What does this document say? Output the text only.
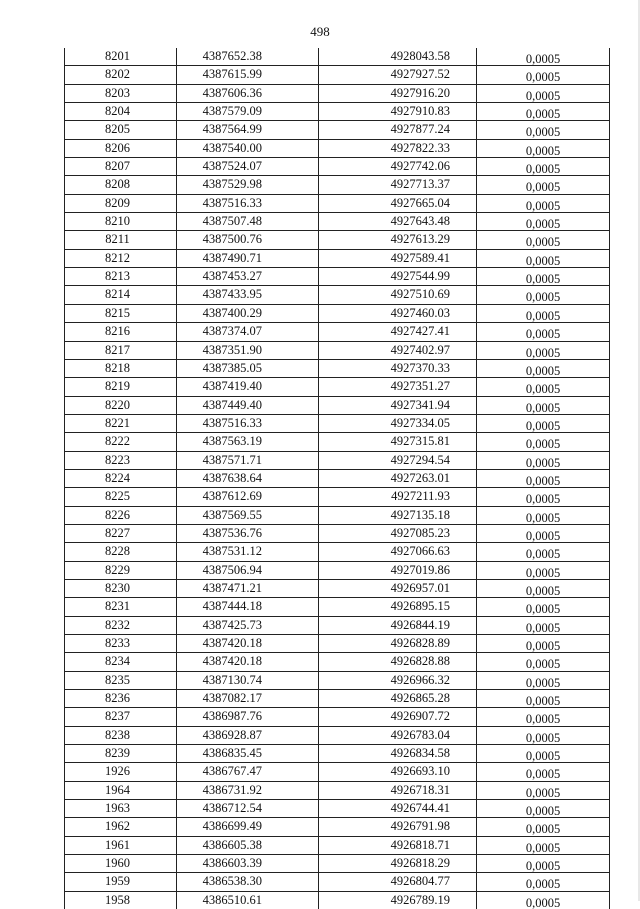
498
8201	4387652.38	4928043.58	0,0005
8202	4387615.99	4927927.52	0,0005
8203	4387606.36	4927916.20	0,0005
8204	4387579.09	4927910.83	0,0005
8205	4387564.99	4927877.24	0,0005
8206	4387540.00	4927822.33	0,0005
8207	4387524.07	4927742.06	0,0005
8208	4387529.98	4927713.37	0,0005
8209	4387516.33	4927665.04	0,0005
8210	4387507.48	4927643.48	0,0005
8211	4387500.76	4927613.29	0,0005
8212	4387490.71	4927589.41	0,0005
8213	4387453.27	4927544.99	0,0005
8214	4387433.95	4927510.69	0,0005
8215	4387400.29	4927460.03	0,0005
8216	4387374.07	4927427.41	0,0005
8217	4387351.90	4927402.97	0,0005
8218	4387385.05	4927370.33	0,0005
8219	4387419.40	4927351.27	0,0005
8220	4387449.40	4927341.94	0,0005
8221	4387516.33	4927334.05	0,0005
8222	4387563.19	4927315.81	0,0005
8223	4387571.71	4927294.54	0,0005
8224	4387638.64	4927263.01	0,0005
8225	4387612.69	4927211.93	0,0005
8226	4387569.55	4927135.18	0,0005
8227	4387536.76	4927085.23	0,0005
8228	4387531.12	4927066.63	0,0005
8229	4387506.94	4927019.86	0,0005
8230	4387471.21	4926957.01	0,0005
8231	4387444.18	4926895.15	0,0005
8232	4387425.73	4926844.19	0,0005
8233	4387420.18	4926828.89	0,0005
8234	4387420.18	4926828.88	0,0005
8235	4387130.74	4926966.32	0,0005
8236	4387082.17	4926865.28	0,0005
8237	4386987.76	4926907.72	0,0005
8238	4386928.87	4926783.04	0,0005
8239	4386835.45	4926834.58	0,0005
1926	4386767.47	4926693.10	0,0005
1964	4386731.92	4926718.31	0,0005
1963	4386712.54	4926744.41	0,0005
1962	4386699.49	4926791.98	0,0005
1961	4386605.38	4926818.71	0,0005
1960	4386603.39	4926818.29	0,0005
1959	4386538.30	4926804.77	0,0005
1958	4386510.61	4926789.19	0,0005
